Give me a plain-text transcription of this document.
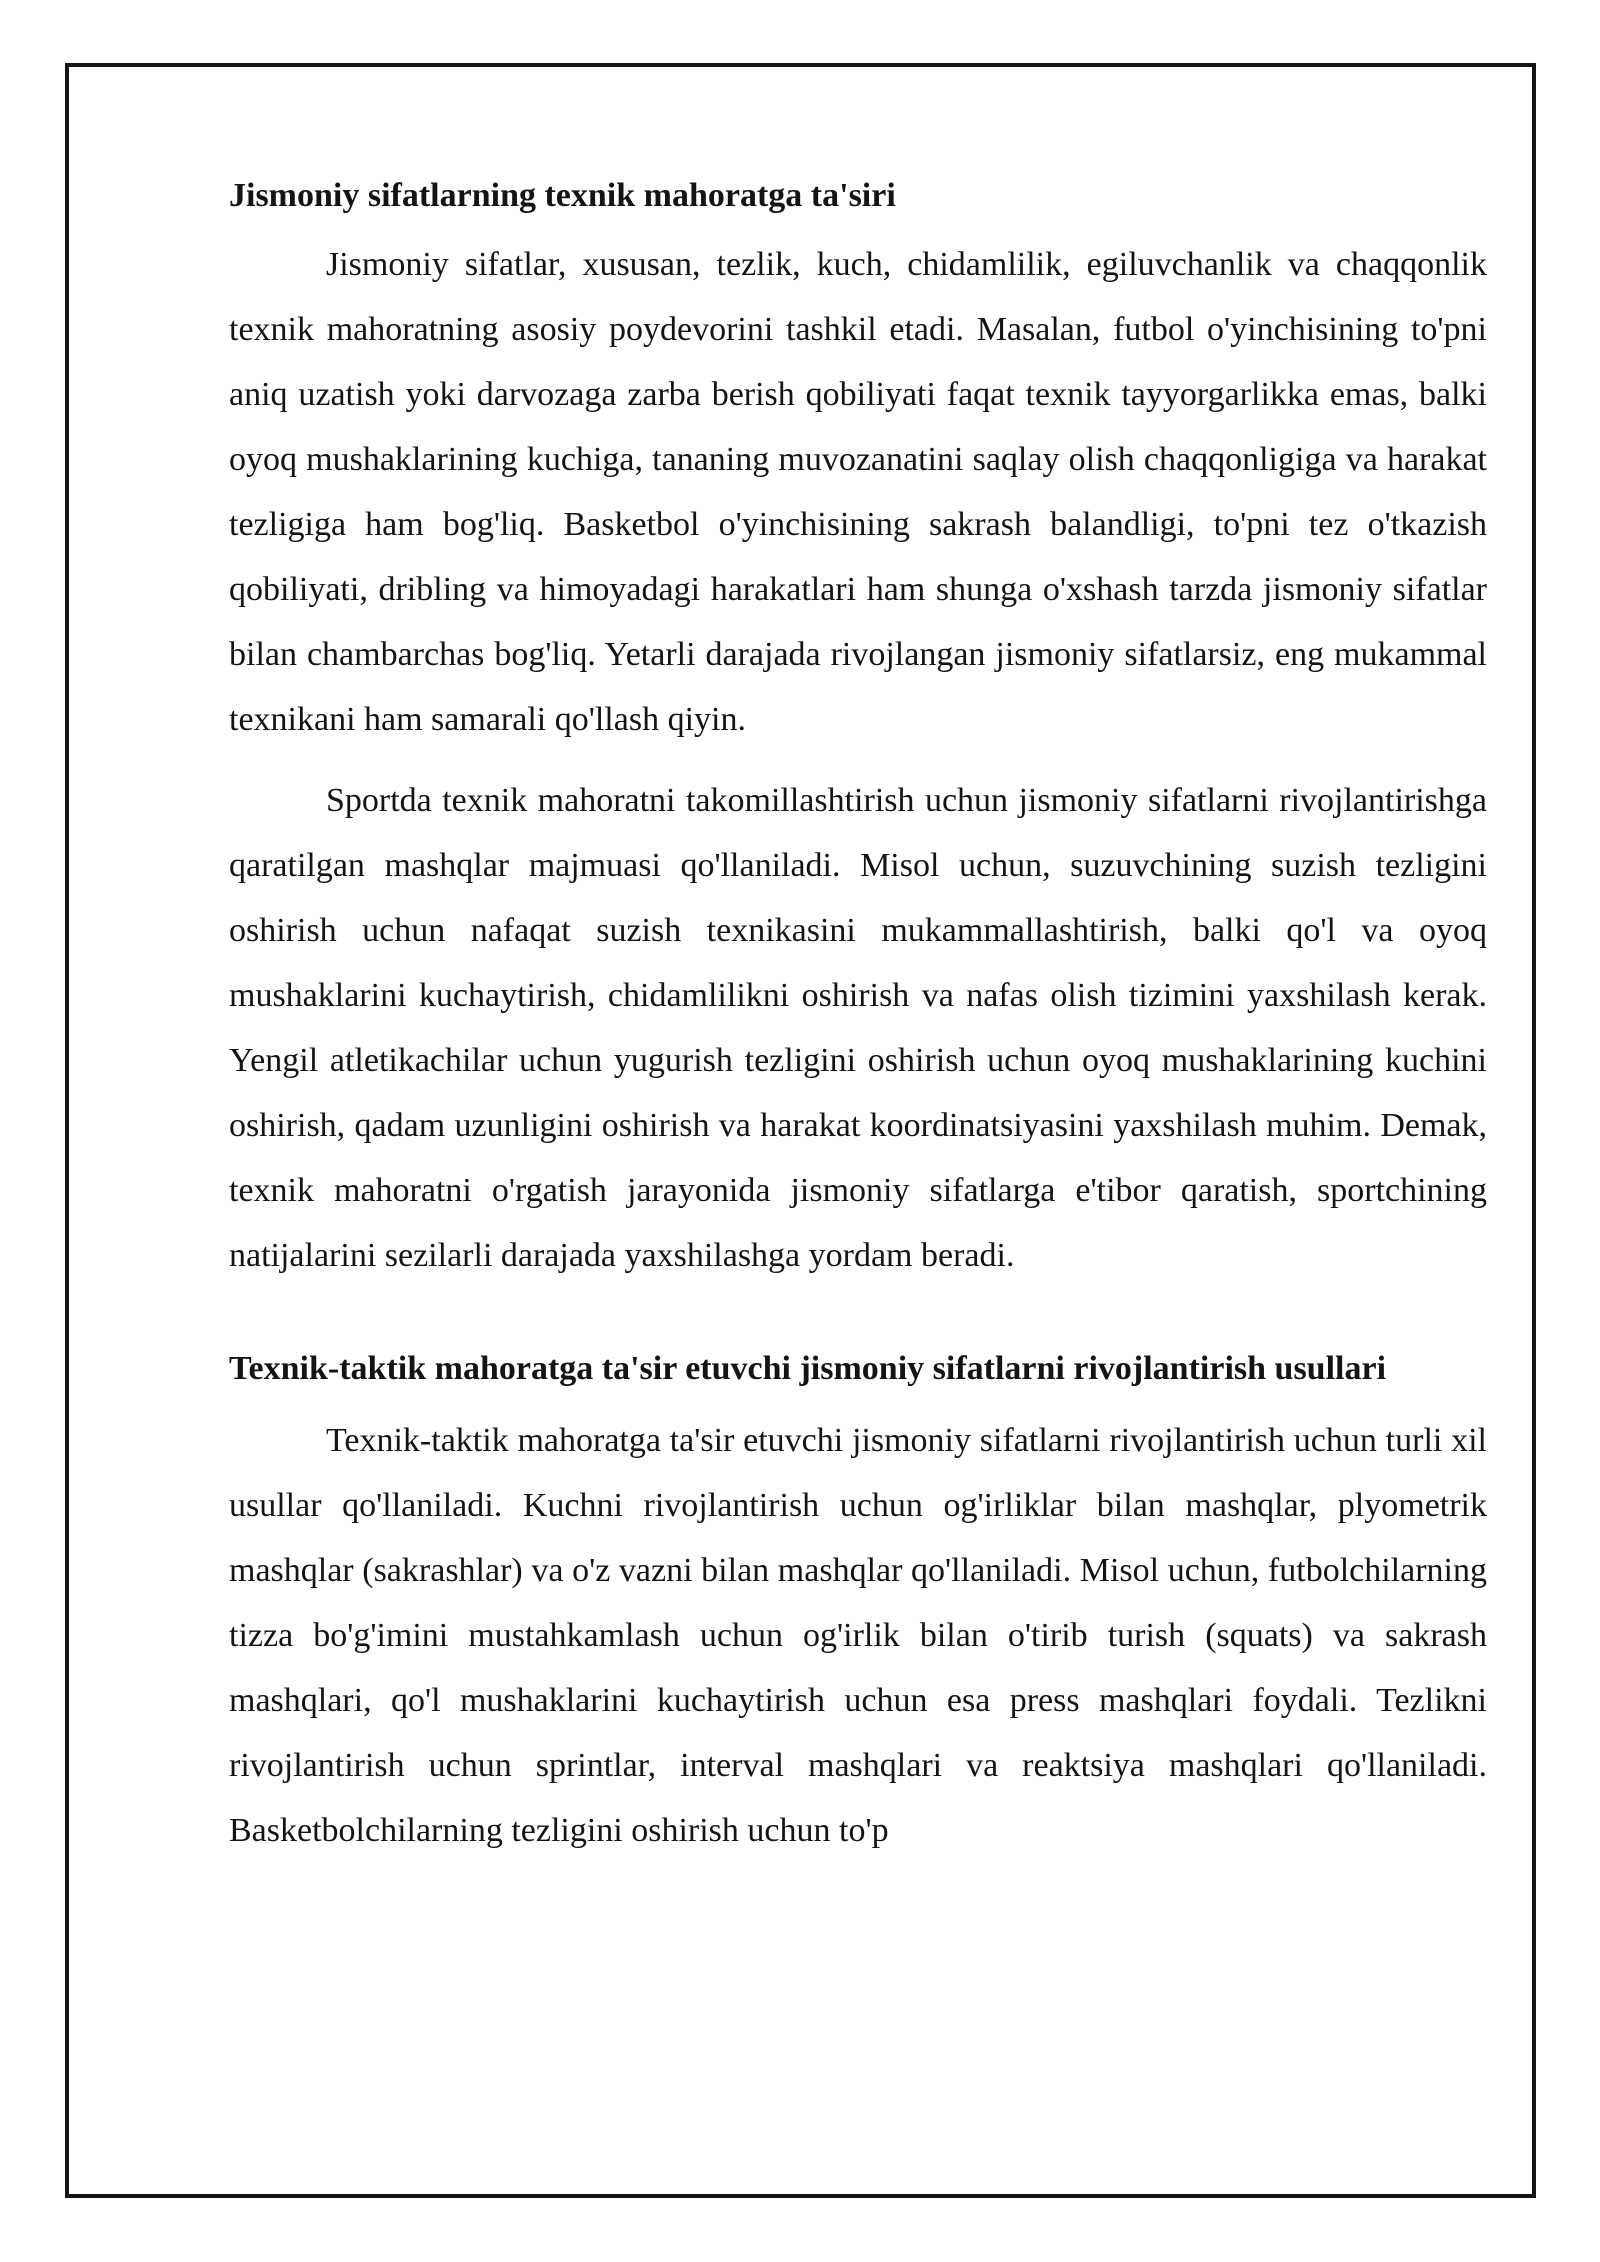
Jismoniy sifatlarning texnik mahoratga ta'siri

Jismoniy sifatlar, xususan, tezlik, kuch, chidamlilik, egiluvchanlik va chaqqonlik texnik mahoratning asosiy poydevorini tashkil etadi. Masalan, futbol o'yinchisining to'pni aniq uzatish yoki darvozaga zarba berish qobiliyati faqat texnik tayyorgarlikka emas, balki oyoq mushaklarining kuchiga, tananing muvozanatini saqlay olish chaqqonligiga va harakat tezligiga ham bog'liq. Basketbol o'yinchisining sakrash balandligi, to'pni tez o'tkazish qobiliyati, dribling va himoyadagi harakatlari ham shunga o'xshash tarzda jismoniy sifatlar bilan chambarchas bog'liq. Yetarli darajada rivojlangan jismoniy sifatlarsiz, eng mukammal texnikani ham samarali qo'llash qiyin.

Sportda texnik mahoratni takomillashtirish uchun jismoniy sifatlarni rivojlantirishga qaratilgan mashqlar majmuasi qo'llaniladi. Misol uchun, suzuvchining suzish tezligini oshirish uchun nafaqat suzish texnikasini mukammallashtirish, balki qo'l va oyoq mushaklarini kuchaytirish, chidamlilikni oshirish va nafas olish tizimini yaxshilash kerak. Yengil atletikachilar uchun yugurish tezligini oshirish uchun oyoq mushaklarining kuchini oshirish, qadam uzunligini oshirish va harakat koordinatsiyasini yaxshilash muhim. Demak, texnik mahoratni o'rgatish jarayonida jismoniy sifatlarga e'tibor qaratish, sportchining natijalarini sezilarli darajada yaxshilashga yordam beradi.

Texnik-taktik mahoratga ta'sir etuvchi jismoniy sifatlarni rivojlantirish usullari

Texnik-taktik mahoratga ta'sir etuvchi jismoniy sifatlarni rivojlantirish uchun turli xil usullar qo'llaniladi. Kuchni rivojlantirish uchun og'irliklar bilan mashqlar, plyometrik mashqlar (sakrashlar) va o'z vazni bilan mashqlar qo'llaniladi. Misol uchun, futbolchilarning tizza bo'g'imini mustahkamlash uchun og'irlik bilan o'tirib turish (squats) va sakrash mashqlari, qo'l mushaklarini kuchaytirish uchun esa press mashqlari foydali. Tezlikni rivojlantirish uchun sprintlar, interval mashqlari va reaktsiya mashqlari qo'llaniladi. Basketbolchilarning tezligini oshirish uchun to'p
